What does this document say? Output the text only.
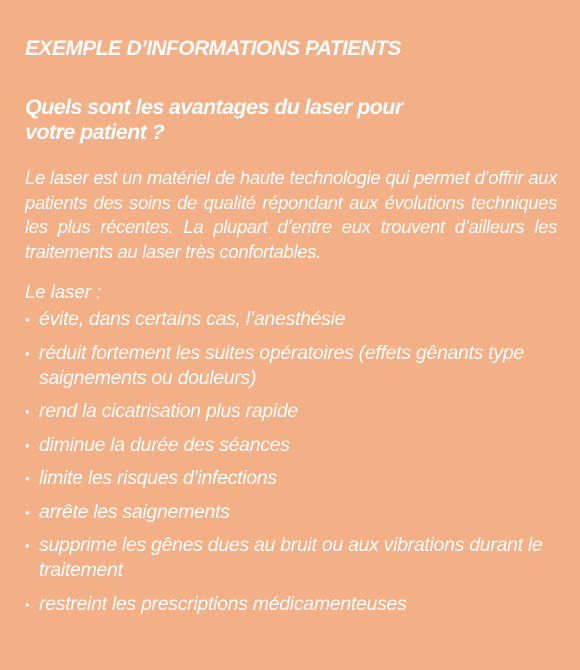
EXEMPLE D’INFORMATIONS PATIENTS
Quels sont les avantages du laser pour votre patient ?

Le laser est un matériel de haute technologie qui permet d’offrir aux patients des soins de qualité répondant aux évolutions techniques les plus récentes. La plupart d’entre eux trouvent d’ailleurs les traitements au laser très confortables.

Le laser :

• évite, dans certains cas, l’anesthésie
• réduit fortement les suites opératoires (effets gênants type saignements ou douleurs)
• rend la cicatrisation plus rapide
• diminue la durée des séances
• limite les risques d’infections
• arrête les saignements
• supprime les gênes dues au bruit ou aux vibrations durant le traitement
• restreint les prescriptions médicamenteuses
